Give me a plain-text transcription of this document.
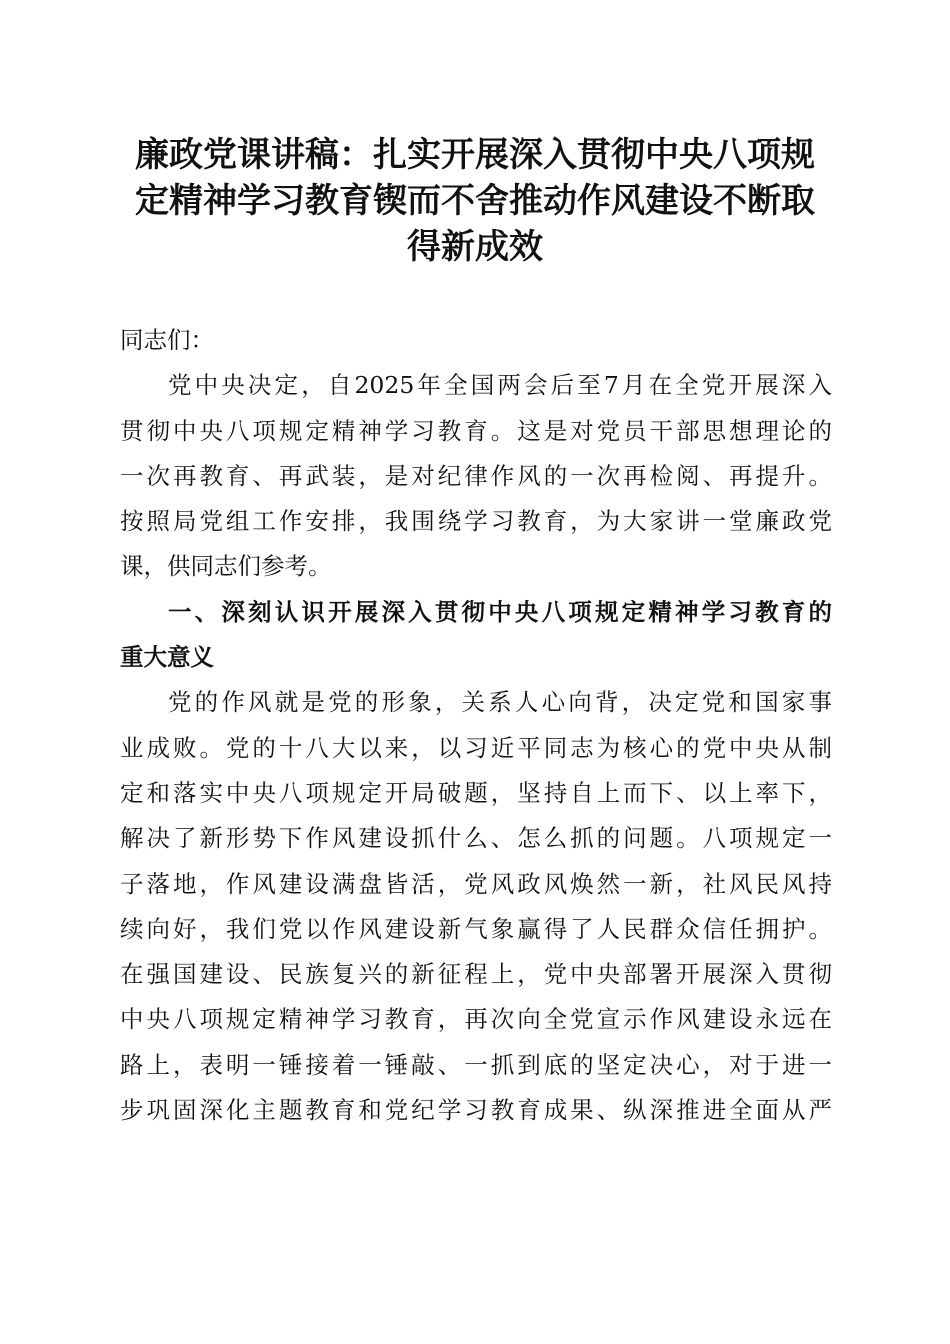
廉政党课讲稿：扎实开展深入贯彻中央八项规
定精神学习教育锲而不舍推动作风建设不断取
得新成效
同志们：
党中央决定，自2025年全国两会后至7月在全党开展深入
贯彻中央八项规定精神学习教育。这是对党员干部思想理论的
一次再教育、再武装，是对纪律作风的一次再检阅、再提升。
按照局党组工作安排，我围绕学习教育，为大家讲一堂廉政党
课，供同志们参考。
一、深刻认识开展深入贯彻中央八项规定精神学习教育的
重大意义
党的作风就是党的形象，关系人心向背，决定党和国家事
业成败。党的十八大以来，以习近平同志为核心的党中央从制
定和落实中央八项规定开局破题，坚持自上而下、以上率下，
解决了新形势下作风建设抓什么、怎么抓的问题。八项规定一
子落地，作风建设满盘皆活，党风政风焕然一新，社风民风持
续向好，我们党以作风建设新气象赢得了人民群众信任拥护。
在强国建设、民族复兴的新征程上，党中央部署开展深入贯彻
中央八项规定精神学习教育，再次向全党宣示作风建设永远在
路上，表明一锤接着一锤敲、一抓到底的坚定决心，对于进一
步巩固深化主题教育和党纪学习教育成果、纵深推进全面从严
